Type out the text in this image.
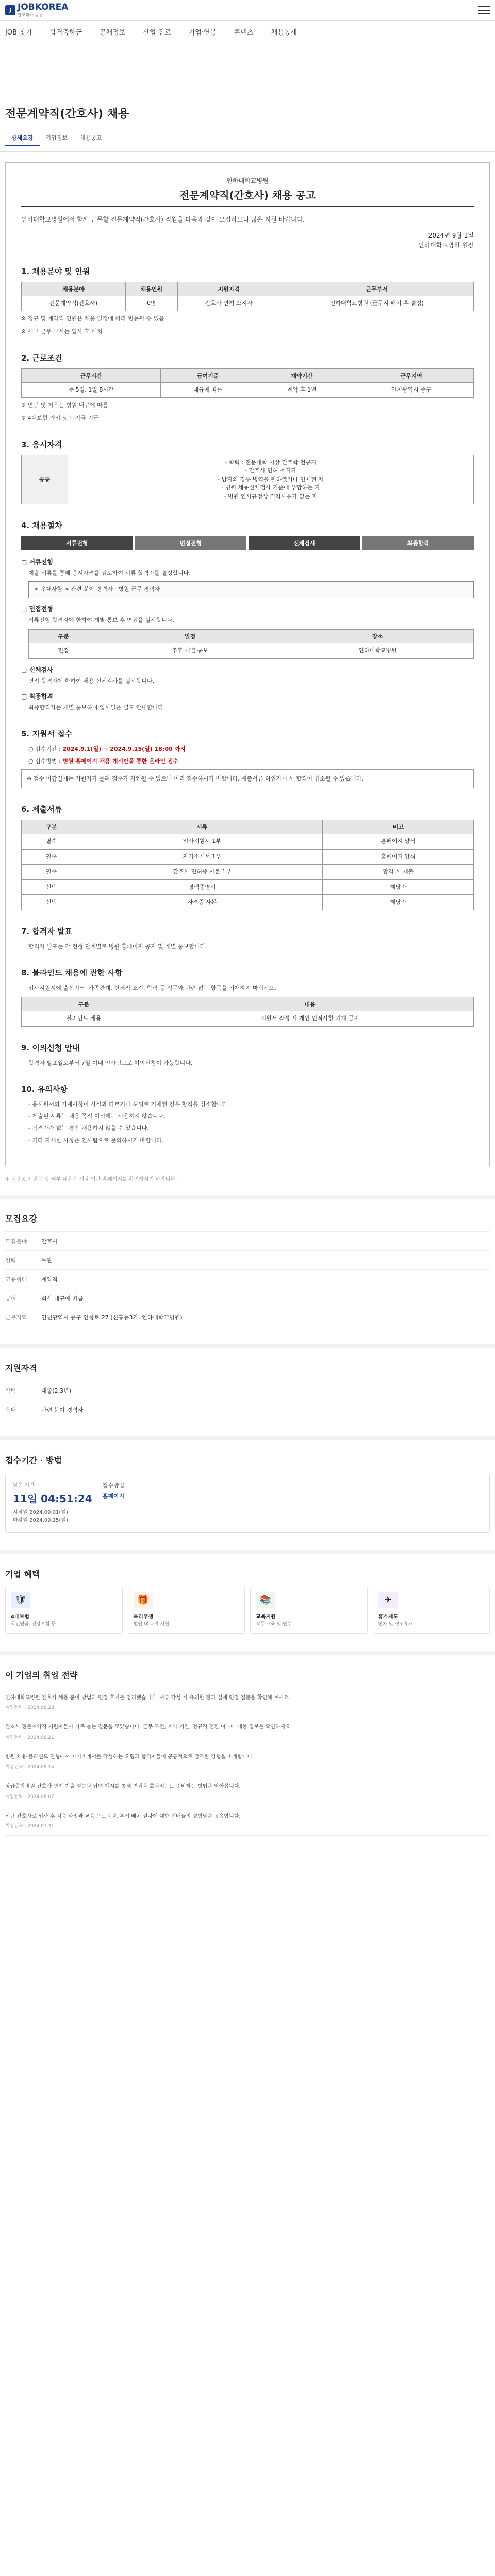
J JOBKOREA
잡코리아 공공
JOB 찾기	합격축하금	공채정보	산업·진로	기업·연봉	콘텐츠	채용통계
전문계약직(간호사) 채용
상세요강	기업정보	채용공고
인하대학교병원
전문계약직(간호사) 채용 공고

인하대학교병원에서 함께 근무할 전문계약직(간호사) 직원을 다음과 같이 모집하오니 많은 지원 바랍니다.

2024년 9월 1일
인하대학교병원 원장
1. 채용분야 및 인원
채용분야	채용인원	지원자격	근무부서
전문계약직(간호사)	0명	간호사 면허 소지자	인하대학교병원 (근무지 배치 후 결정)

※ 정규 및 계약직 인원은 채용 일정에 따라 변동될 수 있음

※ 세부 근무 부서는 입사 후 배치

2. 근로조건
근무시간	급여기준	계약기간	근무지역
주 5일, 1일 8시간	내규에 따름	계약 후 1년	인천광역시 중구

※ 연봉 및 처우는 병원 내규에 따름

※ 4대보험 가입 및 퇴직금 지급

3. 응시자격
공통	
- 학력 : 전문대학 이상 간호학 전공자
- 간호사 면허 소지자
- 남자의 경우 병역을 필하였거나 면제된 자
- 병원 채용신체검사 기준에 부합하는 자
- 병원 인사규정상 결격사유가 없는 자
4. 채용절차
서류전형	면접전형	신체검사	최종합격
□ 서류전형

제출 서류를 통해 응시자격을 검토하여 서류 합격자를 결정합니다.

< 우대사항 > 관련 분야 경력자 · 병원 근무 경력자
□ 면접전형

서류전형 합격자에 한하여 개별 통보 후 면접을 실시합니다.

구분	일정	장소
면접	추후 개별 통보	인하대학교병원
□ 신체검사

면접 합격자에 한하여 채용 신체검사를 실시합니다.

□ 최종합격

최종합격자는 개별 통보하며 입사일은 별도 안내합니다.

5. 지원서 접수

○ 접수기간 : 2024.9.1(일) ~ 2024.9.15(일) 18:00 까지

○ 접수방법 : 병원 홈페이지 채용 게시판을 통한 온라인 접수

※ 접수 마감일에는 지원자가 몰려 접수가 지연될 수 있으니 미리 접수하시기 바랍니다. 제출서류 허위기재 시 합격이 취소될 수 있습니다.
6. 제출서류
구분	서류	비고
필수	입사지원서 1부	홈페이지 양식
필수	자기소개서 1부	홈페이지 양식
필수	간호사 면허증 사본 1부	합격 시 제출
선택	경력증명서	해당자
선택	자격증 사본	해당자
7. 합격자 발표

합격자 발표는 각 전형 단계별로 병원 홈페이지 공지 및 개별 통보합니다.

8. 블라인드 채용에 관한 사항

입사지원서에 출신지역, 가족관계, 신체적 조건, 학력 등 직무와 관련 없는 항목을 기재하지 마십시오.

구분	내용
블라인드 채용	지원서 작성 시 개인 인적사항 기재 금지
9. 이의신청 안내

합격자 발표일로부터 7일 이내 인사팀으로 이의신청이 가능합니다.

10. 유의사항

- 응시원서의 기재사항이 사실과 다르거나 허위로 기재된 경우 합격을 취소합니다.

- 제출된 서류는 채용 목적 이외에는 사용하지 않습니다.

- 적격자가 없는 경우 채용하지 않을 수 있습니다.

- 기타 자세한 사항은 인사팀으로 문의하시기 바랍니다.

※ 채용공고 원문 및 세부 내용은 해당 기관 홈페이지를 확인하시기 바랍니다.

모집요강
모집분야	간호사
경력	무관
고용형태	계약직
급여	회사 내규에 따름
근무지역	인천광역시 중구 인항로 27 (신흥동3가, 인하대학교병원)
지원자격
학력	대졸(2,3년)
우대	관련 분야 경력자
접수기간 · 방법
남은 기간
11일 04:51:24
시작일 2024.09.01(일)
마감일 2024.09.15(일)
접수방법
홈페이지
기업 혜택
🛡
4대보험
국민연금, 건강보험 등
🎁
복리후생
병원 내 복지 지원
📚
교육지원
직무 교육 및 연수
✈
휴가제도
연차 및 경조휴가
이 기업의 취업 전략

인하대학교병원 간호사 채용 준비 방법과 면접 후기를 정리했습니다. 서류 작성 시 유의할 점과 실제 면접 질문을 확인해 보세요.

취업전략 · 2024.08.28

간호사 전문계약직 지원자들이 자주 묻는 질문을 모았습니다. 근무 조건, 계약 기간, 정규직 전환 여부에 대한 정보를 확인하세요.

취업전략 · 2024.08.21

병원 채용 블라인드 전형에서 자기소개서를 작성하는 요령과 합격자들이 공통적으로 강조한 경험을 소개합니다.

취업전략 · 2024.08.14

상급종합병원 간호사 면접 기출 질문과 답변 예시를 통해 면접을 효과적으로 준비하는 방법을 알아봅니다.

취업전략 · 2024.08.07

신규 간호사로 입사 후 적응 과정과 교육 프로그램, 부서 배치 절차에 대한 선배들의 경험담을 공유합니다.

취업전략 · 2024.07.31
